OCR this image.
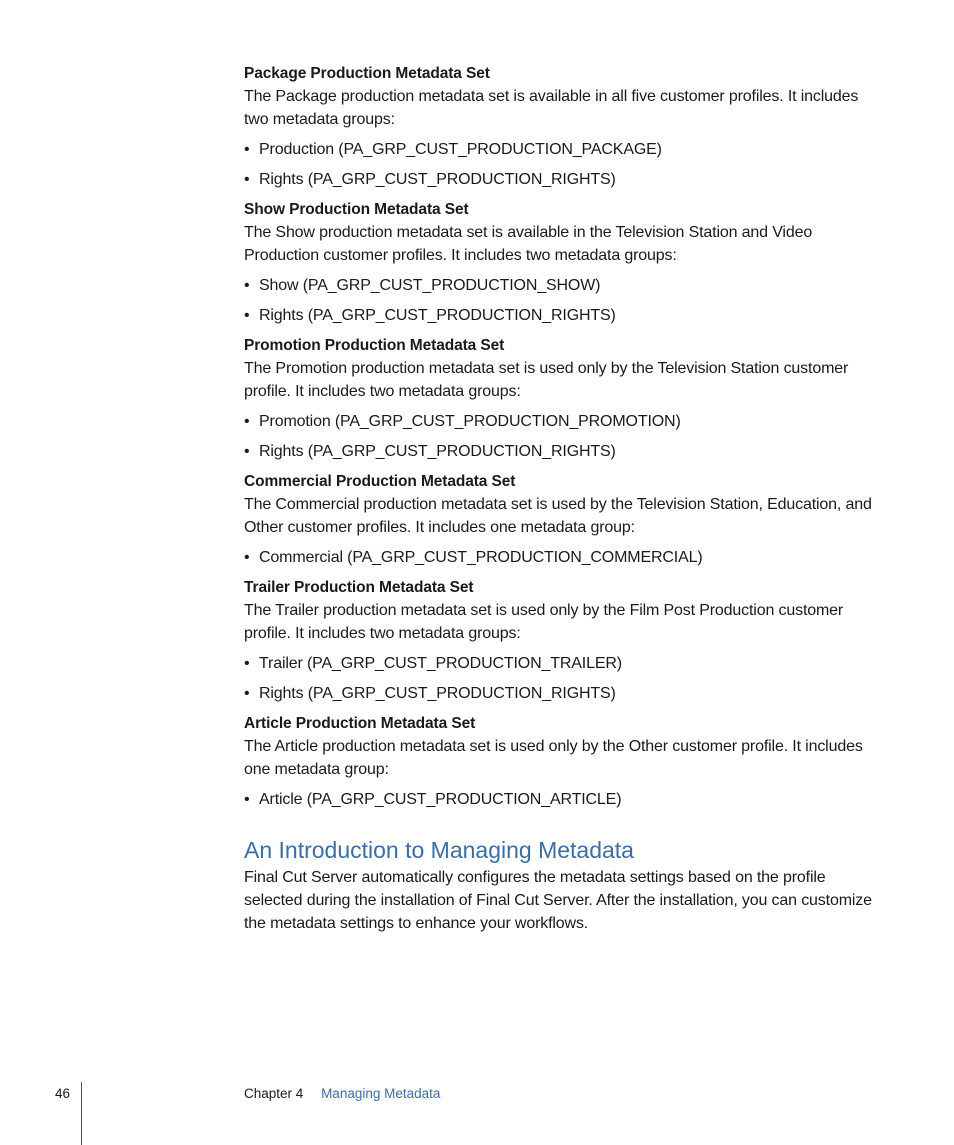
Package Production Metadata Set

The Package production metadata set is available in all five customer profiles. It includes two metadata groups:

• Production (PA_GRP_CUST_PRODUCTION_PACKAGE)
• Rights (PA_GRP_CUST_PRODUCTION_RIGHTS)

Show Production Metadata Set

The Show production metadata set is available in the Television Station and Video Production customer profiles. It includes two metadata groups:

• Show (PA_GRP_CUST_PRODUCTION_SHOW)
• Rights (PA_GRP_CUST_PRODUCTION_RIGHTS)

Promotion Production Metadata Set

The Promotion production metadata set is used only by the Television Station customer profile. It includes two metadata groups:

• Promotion (PA_GRP_CUST_PRODUCTION_PROMOTION)
• Rights (PA_GRP_CUST_PRODUCTION_RIGHTS)

Commercial Production Metadata Set

The Commercial production metadata set is used by the Television Station, Education, and Other customer profiles. It includes one metadata group:

• Commercial (PA_GRP_CUST_PRODUCTION_COMMERCIAL)

Trailer Production Metadata Set

The Trailer production metadata set is used only by the Film Post Production customer profile. It includes two metadata groups:

• Trailer (PA_GRP_CUST_PRODUCTION_TRAILER)
• Rights (PA_GRP_CUST_PRODUCTION_RIGHTS)

Article Production Metadata Set

The Article production metadata set is used only by the Other customer profile. It includes one metadata group:

• Article (PA_GRP_CUST_PRODUCTION_ARTICLE)
An Introduction to Managing Metadata

Final Cut Server automatically configures the metadata settings based on the profile selected during the installation of Final Cut Server. After the installation, you can customize the metadata settings to enhance your workflows.

46	Chapter 4 Managing Metadata
